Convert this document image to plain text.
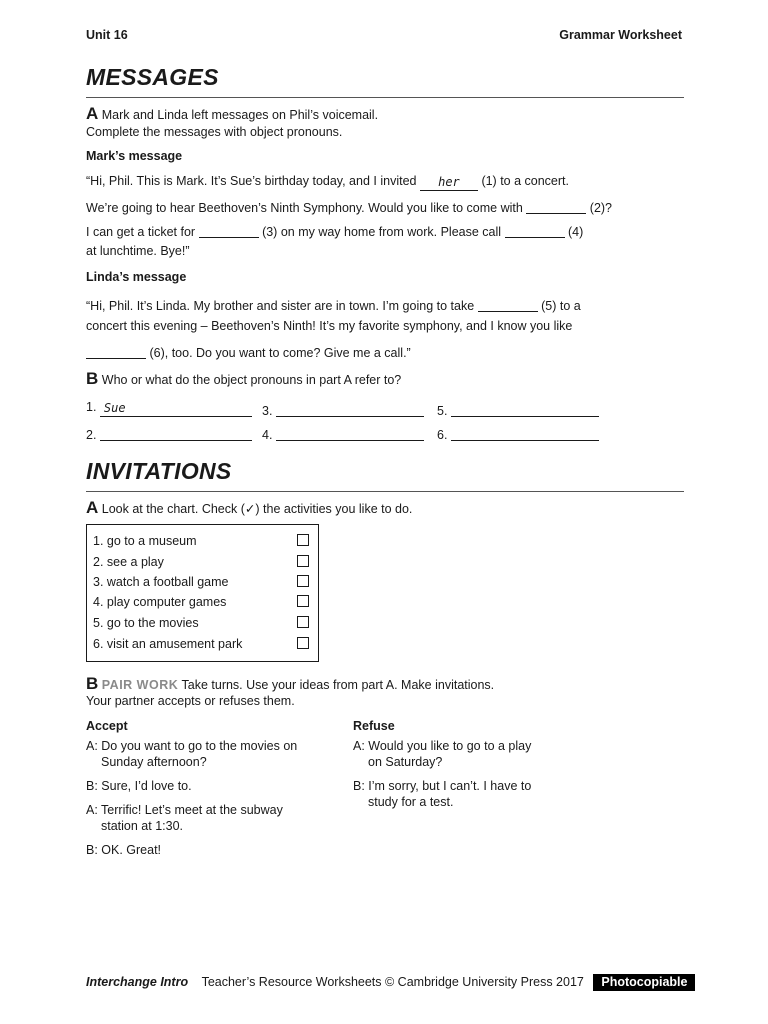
Unit 16	Grammar Worksheet
MESSAGES
A Mark and Linda left messages on Phil’s voicemail.
Complete the messages with object pronouns.
Mark’s message
“Hi, Phil. This is Mark. It’s Sue’s birthday today, and I invited her (1) to a concert.
We’re going to hear Beethoven’s Ninth Symphony. Would you like to come with	(2)?
I can get a ticket for	(3) on my way home from work. Please call	(4)
at lunchtime. Bye!”
Linda’s message
“Hi, Phil. It’s Linda. My brother and sister are in town. I’m going to take	(5) to a
concert this evening – Beethoven’s Ninth! It’s my favorite symphony, and I know you like
(6), too. Do you want to come? Give me a call.”
B Who or what do the object pronouns in part A refer to?
1. Sue	3.	5.
2.	4.	6.
INVITATIONS
A Look at the chart. Check (✓) the activities you like to do.
1. go to a museum
2. see a play
3. watch a football game
4. play computer games
5. go to the movies
6. visit an amusement park
B PAIR WORK Take turns. Use your ideas from part A. Make invitations.
Your partner accepts or refuses them.
Accept
A: Do you want to go to the movies on
Sunday afternoon?
B: Sure, I’d love to.
A: Terrific! Let’s meet at the subway
station at 1:30.
B: OK. Great!
Refuse
A: Would you like to go to a play
on Saturday?
B: I’m sorry, but I can’t. I have to
study for a test.
Interchange Intro Teacher’s Resource Worksheets © Cambridge University Press 2017 Photocopiable
